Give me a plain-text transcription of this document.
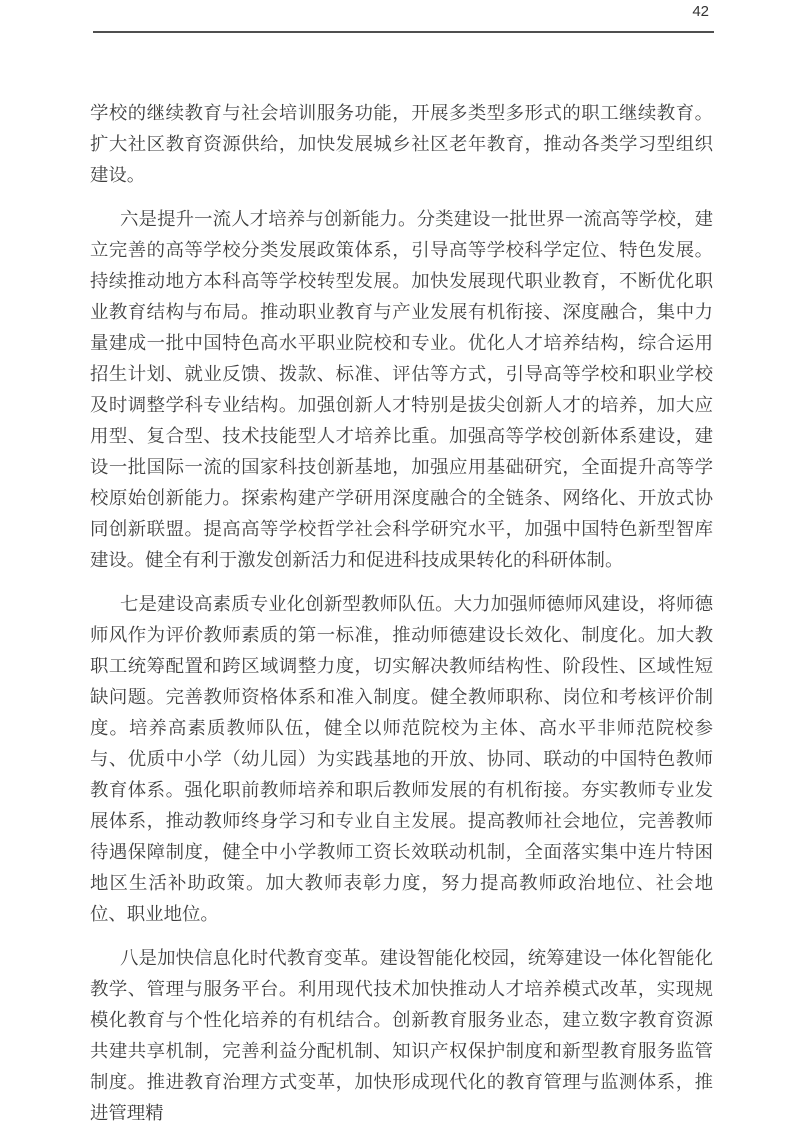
42

学校的继续教育与社会培训服务功能，开展多类型多形式的职工继续教育。扩大社区教育资源供给，加快发展城乡社区老年教育，推动各类学习型组织建设。

六是提升一流人才培养与创新能力。分类建设一批世界一流高等学校，建立完善的高等学校分类发展政策体系，引导高等学校科学定位、特色发展。持续推动地方本科高等学校转型发展。加快发展现代职业教育，不断优化职业教育结构与布局。推动职业教育与产业发展有机衔接、深度融合，集中力量建成一批中国特色高水平职业院校和专业。优化人才培养结构，综合运用招生计划、就业反馈、拨款、标准、评估等方式，引导高等学校和职业学校及时调整学科专业结构。加强创新人才特别是拔尖创新人才的培养，加大应用型、复合型、技术技能型人才培养比重。加强高等学校创新体系建设，建设一批国际一流的国家科技创新基地，加强应用基础研究，全面提升高等学校原始创新能力。探索构建产学研用深度融合的全链条、网络化、开放式协同创新联盟。提高高等学校哲学社会科学研究水平，加强中国特色新型智库建设。健全有利于激发创新活力和促进科技成果转化的科研体制。

七是建设高素质专业化创新型教师队伍。大力加强师德师风建设，将师德师风作为评价教师素质的第一标准，推动师德建设长效化、制度化。加大教职工统筹配置和跨区域调整力度，切实解决教师结构性、阶段性、区域性短缺问题。完善教师资格体系和准入制度。健全教师职称、岗位和考核评价制度。培养高素质教师队伍，健全以师范院校为主体、高水平非师范院校参与、优质中小学（幼儿园）为实践基地的开放、协同、联动的中国特色教师教育体系。强化职前教师培养和职后教师发展的有机衔接。夯实教师专业发展体系，推动教师终身学习和专业自主发展。提高教师社会地位，完善教师待遇保障制度，健全中小学教师工资长效联动机制，全面落实集中连片特困地区生活补助政策。加大教师表彰力度，努力提高教师政治地位、社会地位、职业地位。

八是加快信息化时代教育变革。建设智能化校园，统筹建设一体化智能化教学、管理与服务平台。利用现代技术加快推动人才培养模式改革，实现规模化教育与个性化培养的有机结合。创新教育服务业态，建立数字教育资源共建共享机制，完善利益分配机制、知识产权保护制度和新型教育服务监管制度。推进教育治理方式变革，加快形成现代化的教育管理与监测体系，推进管理精
